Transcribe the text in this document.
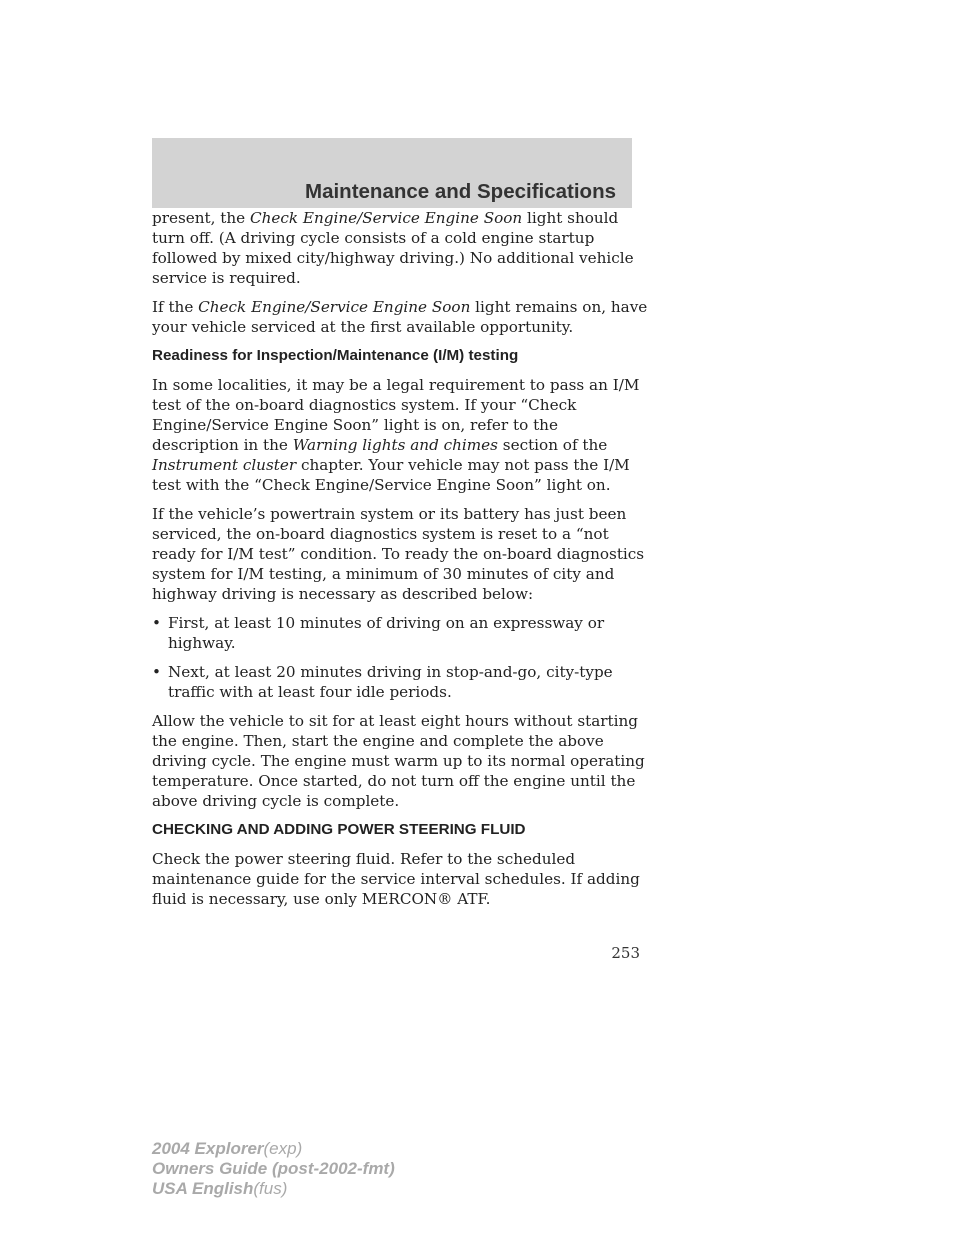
Maintenance and Specifications

present, the Check Engine/Service Engine Soon light should turn off. (A driving cycle consists of a cold engine startup followed by mixed city/highway driving.) No additional vehicle service is required.

If the Check Engine/Service Engine Soon light remains on, have your vehicle serviced at the first available opportunity.

Readiness for Inspection/Maintenance (I/M) testing

In some localities, it may be a legal requirement to pass an I/M test of the on-board diagnostics system. If your “Check Engine/Service Engine Soon” light is on, refer to the description in the Warning lights and chimes section of the Instrument cluster chapter. Your vehicle may not pass the I/M test with the “Check Engine/Service Engine Soon” light on.

If the vehicle’s powertrain system or its battery has just been serviced, the on-board diagnostics system is reset to a “not ready for I/M test” condition. To ready the on-board diagnostics system for I/M testing, a minimum of 30 minutes of city and highway driving is necessary as described below:

• First, at least 10 minutes of driving on an expressway or highway.
• Next, at least 20 minutes driving in stop-and-go, city-type traffic with at least four idle periods.

Allow the vehicle to sit for at least eight hours without starting the engine. Then, start the engine and complete the above driving cycle. The engine must warm up to its normal operating temperature. Once started, do not turn off the engine until the above driving cycle is complete.

CHECKING AND ADDING POWER STEERING FLUID

Check the power steering fluid. Refer to the scheduled maintenance guide for the service interval schedules. If adding fluid is necessary, use only MERCON® ATF.

253
2004 Explorer(exp)
Owners Guide (post-2002-fmt)
USA English(fus)
